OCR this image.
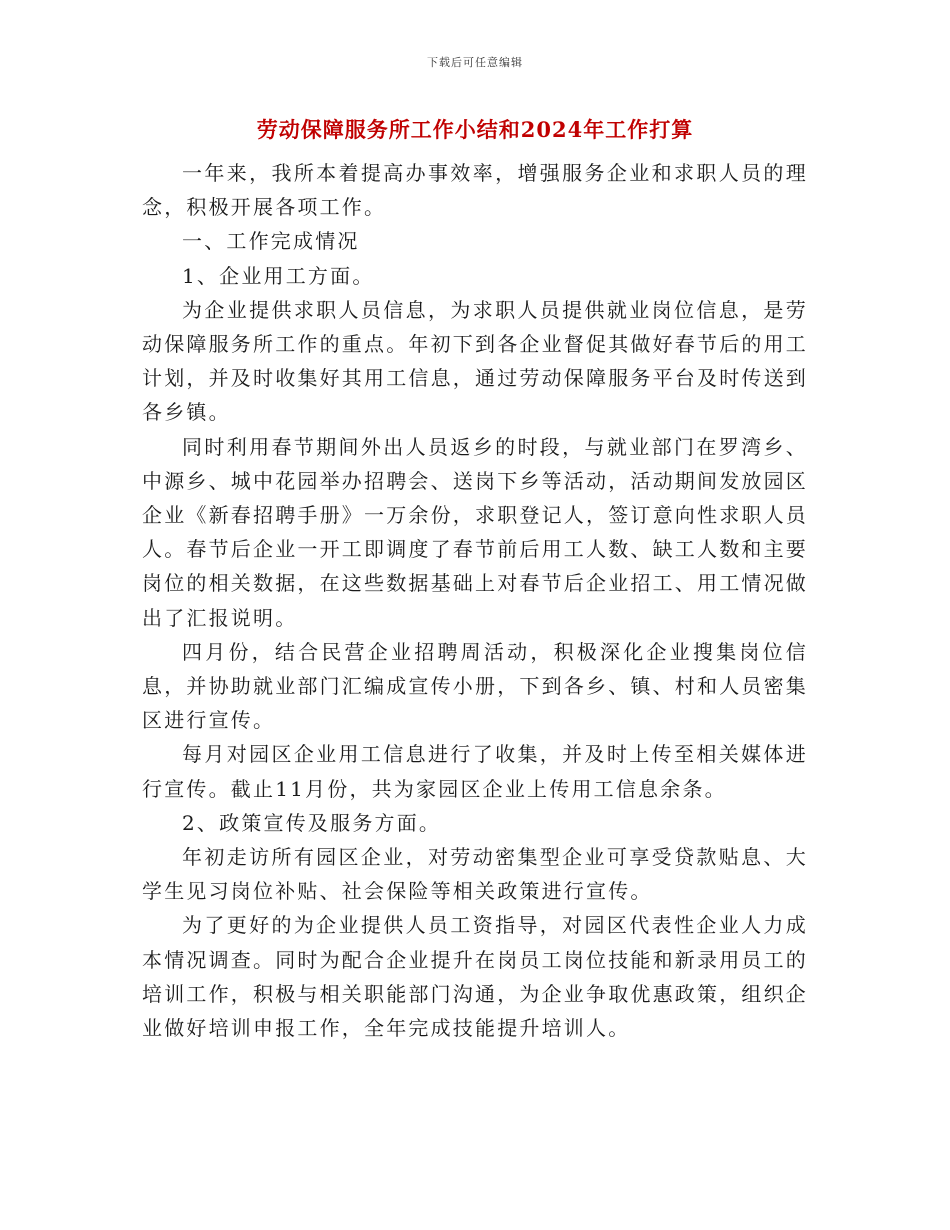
下载后可任意编辑
劳动保障服务所工作小结和2024年工作打算

一年来，我所本着提高办事效率，增强服务企业和求职人员的理念，积极开展各项工作。

一、工作完成情况

1、企业用工方面。

为企业提供求职人员信息，为求职人员提供就业岗位信息，是劳动保障服务所工作的重点。年初下到各企业督促其做好春节后的用工计划，并及时收集好其用工信息，通过劳动保障服务平台及时传送到各乡镇。

同时利用春节期间外出人员返乡的时段，与就业部门在罗湾乡、中源乡、城中花园举办招聘会、送岗下乡等活动，活动期间发放园区企业《新春招聘手册》一万余份，求职登记人，签订意向性求职人员人。春节后企业一开工即调度了春节前后用工人数、缺工人数和主要岗位的相关数据，在这些数据基础上对春节后企业招工、用工情况做出了汇报说明。

四月份，结合民营企业招聘周活动，积极深化企业搜集岗位信息，并协助就业部门汇编成宣传小册，下到各乡、镇、村和人员密集区进行宣传。

每月对园区企业用工信息进行了收集，并及时上传至相关媒体进行宣传。截止11月份，共为家园区企业上传用工信息余条。

2、政策宣传及服务方面。

年初走访所有园区企业，对劳动密集型企业可享受贷款贴息、大学生见习岗位补贴、社会保险等相关政策进行宣传。

为了更好的为企业提供人员工资指导，对园区代表性企业人力成本情况调查。同时为配合企业提升在岗员工岗位技能和新录用员工的培训工作，积极与相关职能部门沟通，为企业争取优惠政策，组织企业做好培训申报工作，全年完成技能提升培训人。
